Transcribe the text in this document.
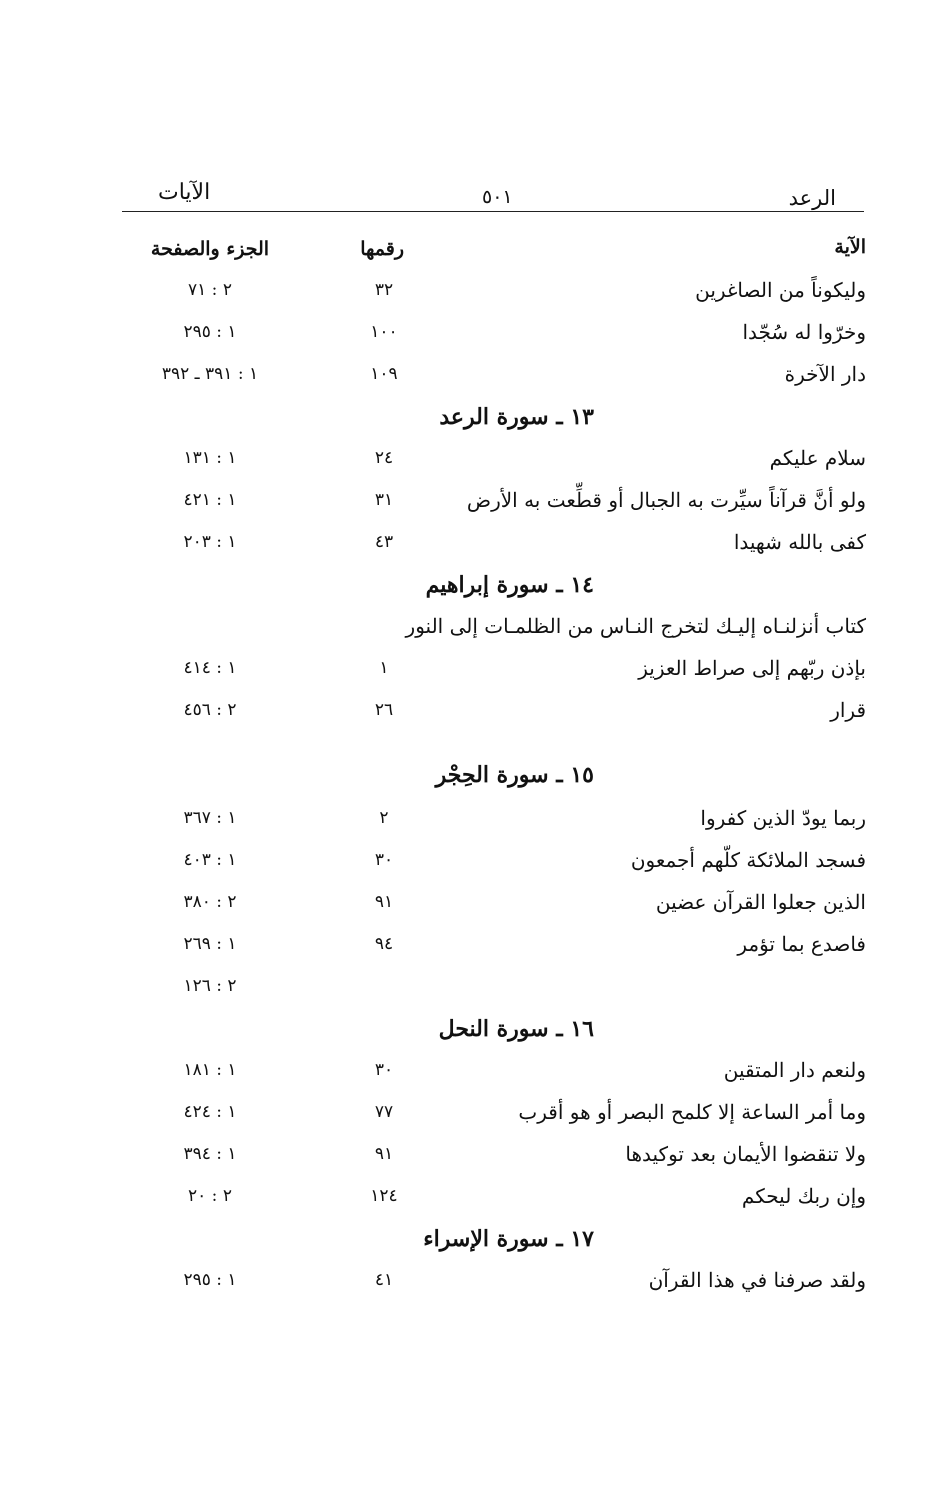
الرعد
٥٠١
الآيات
الآية
رقمها
الجزء والصفحة
وليكوناً من الصاغرين
٣٢
٢ : ٧١
وخرّوا له سُجّدا
١٠٠
١ : ٢٩٥
دار الآخرة
١٠٩
١ : ٣٩١ ـ ٣٩٢
١٣ ـ سورة الرعد
سلام عليكم
٢٤
١ : ١٣١
ولو أنَّ قرآناً سيِّرت به الجبال أو قطِّعت به الأرض
٣١
١ : ٤٢١
كفى بالله شهيدا
٤٣
١ : ٢٠٣
١٤ ـ سورة إبراهيم
كتاب أنزلنـاه إليـك لتخرج النـاس من الظلمـات إلى النور
بإذن ربّهم إلى صراط العزيز
١
١ : ٤١٤
قرار
٢٦
٢ : ٤٥٦
١٥ ـ سورة الحِجْر
ربما يودّ الذين كفروا
٢
١ : ٣٦٧
فسجد الملائكة كلّهم أجمعون
٣٠
١ : ٤٠٣
الذين جعلوا القرآن عضين
٩١
٢ : ٣٨٠
فاصدع بما تؤمر
٩٤
١ : ٢٦٩
٢ : ١٢٦
١٦ ـ سورة النحل
ولنعم دار المتقين
٣٠
١ : ١٨١
وما أمر الساعة إلا كلمح البصر أو هو أقرب
٧٧
١ : ٤٢٤
ولا تنقضوا الأيمان بعد توكيدها
٩١
١ : ٣٩٤
وإن ربك ليحكم
١٢٤
٢ : ٢٠
١٧ ـ سورة الإسراء
ولقد صرفنا في هذا القرآن
٤١
١ : ٢٩٥
